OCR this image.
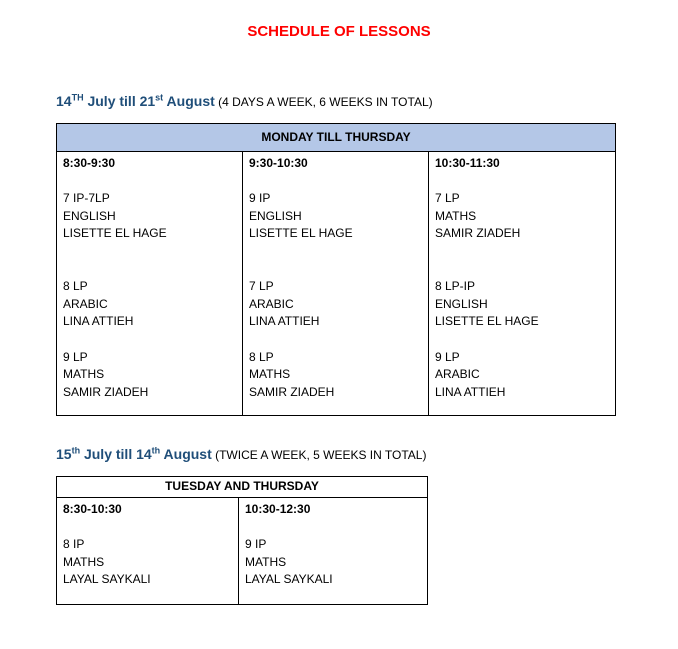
SCHEDULE OF LESSONS
14TH July till 21st August (4 DAYS A WEEK, 6 WEEKS IN TOTAL)
MONDAY TILL THURSDAY

8:30-9:30
7 IP-7LP
ENGLISH
LISETTE EL HAGE
8 LP
ARABIC
LINA ATTIEH
9 LP
MATHS
SAMIR ZIADEH

9:30-10:30
9 IP
ENGLISH
LISETTE EL HAGE
7 LP
ARABIC
LINA ATTIEH
8 LP
MATHS
SAMIR ZIADEH

10:30-11:30
7 LP
MATHS
SAMIR ZIADEH
8 LP-IP
ENGLISH
LISETTE EL HAGE
9 LP
ARABIC
LINA ATTIEH
15th July till 14th August (TWICE A WEEK, 5 WEEKS IN TOTAL)
TUESDAY AND THURSDAY

8:30-10:30
8 IP
MATHS
LAYAL SAYKALI

10:30-12:30
9 IP
MATHS
LAYAL SAYKALI
